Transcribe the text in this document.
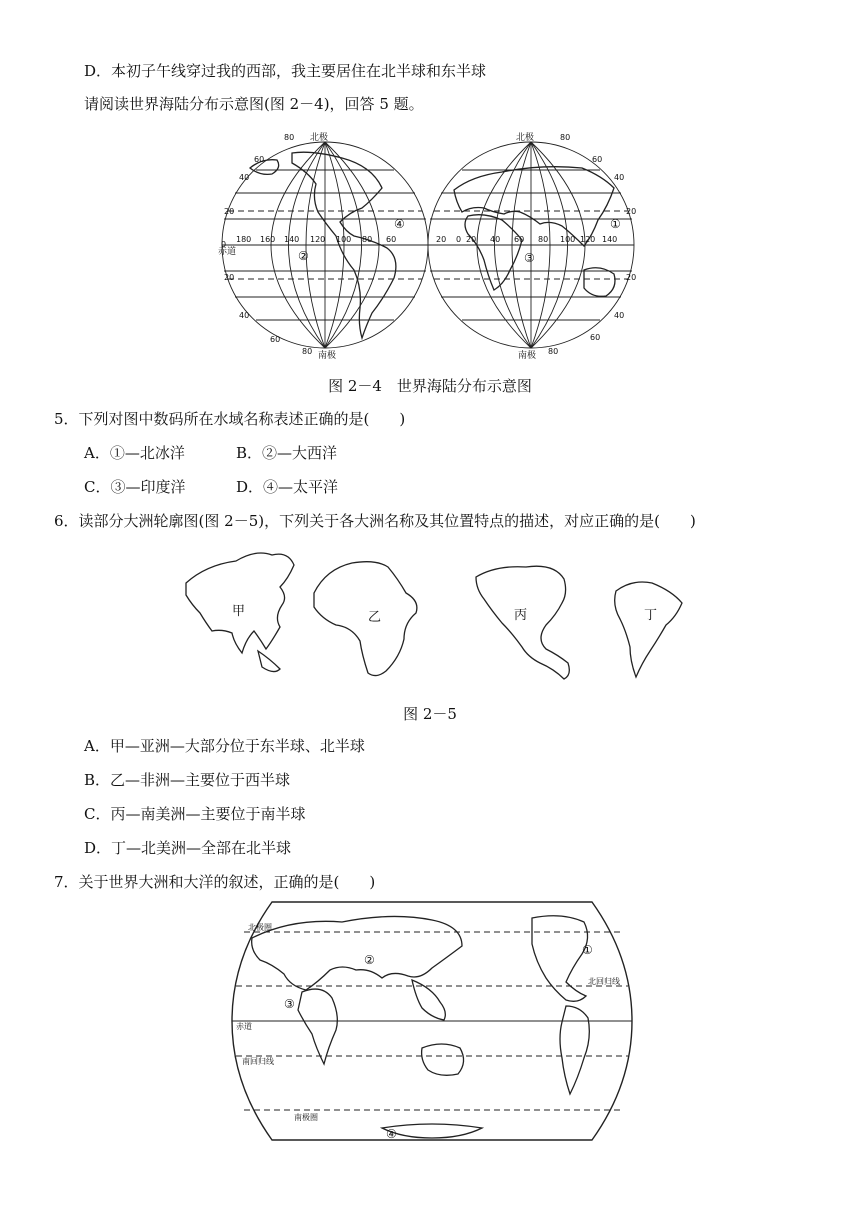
D．本初子午线穿过我的西部，我主要居住在北半球和东半球
请阅读世界海陆分布示意图(图 2－4)，回答 5 题。
北极
南极
赤道
80
60
40
20
0
20
40
60
80
180 160 140 120 100 80 60
②
④
北极
南极
20 0 20 40 60 80 100 120 140
80
60
40
20
20
40
60
80
③
①
图 2－4　世界海陆分布示意图
5．下列对图中数码所在水域名称表述正确的是(　　)
A．①—北冰洋	B．②—大西洋
C．③—印度洋	D．④—太平洋
6．读部分大洲轮廓图(图 2－5)，下列关于各大洲名称及其位置特点的描述，对应正确的是(　　)
甲	乙	丙	丁
图 2－5
A．甲—亚洲—大部分位于东半球、北半球
B．乙—非洲—主要位于西半球
C．丙—南美洲—主要位于南半球
D．丁—北美洲—全部在北半球
7．关于世界大洲和大洋的叙述，正确的是(　　)
北极圈
北回归线
赤道
南回归线
南极圈
①
②
③
④
